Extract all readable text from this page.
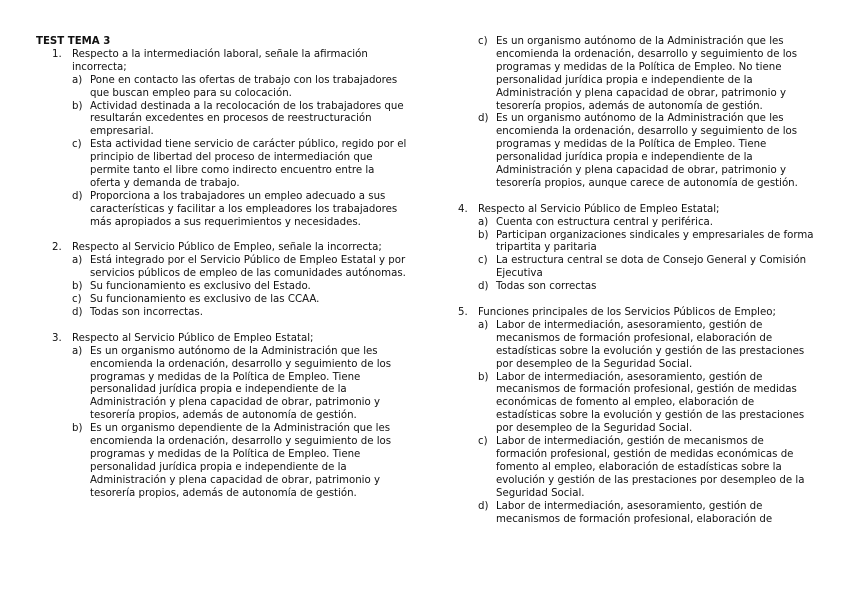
TEST TEMA 3
1. Respecto a la intermediación laboral, señale la afirmación incorrecta;
a) Pone en contacto las ofertas de trabajo con los trabajadores que buscan empleo para su colocación.
b) Actividad destinada a la recolocación de los trabajadores que resultarán excedentes en procesos de reestructuración empresarial.
c) Esta actividad tiene servicio de carácter público, regido por el principio de libertad del proceso de intermediación que permite tanto el libre como indirecto encuentro entre la oferta y demanda de trabajo.
d) Proporciona a los trabajadores un empleo adecuado a sus características y facilitar a los empleadores los trabajadores más apropiados a sus requerimientos y necesidades.
2. Respecto al Servicio Público de Empleo, señale la incorrecta;
a) Está integrado por el Servicio Público de Empleo Estatal y por servicios públicos de empleo de las comunidades autónomas.
b) Su funcionamiento es exclusivo del Estado.
c) Su funcionamiento es exclusivo de las CCAA.
d) Todas son incorrectas.
3. Respecto al Servicio Público de Empleo Estatal;
a) Es un organismo autónomo de la Administración que les encomienda la ordenación, desarrollo y seguimiento de los programas y medidas de la Política de Empleo. Tiene personalidad jurídica propia e independiente de la Administración y plena capacidad de obrar, patrimonio y tesorería propios, además de autonomía de gestión.
b) Es un organismo dependiente de la Administración que les encomienda la ordenación, desarrollo y seguimiento de los programas y medidas de la Política de Empleo. Tiene personalidad jurídica propia e independiente de la Administración y plena capacidad de obrar, patrimonio y tesorería propios, además de autonomía de gestión.
c) Es un organismo autónomo de la Administración que les encomienda la ordenación, desarrollo y seguimiento de los programas y medidas de la Política de Empleo. No tiene personalidad jurídica propia e independiente de la Administración y plena capacidad de obrar, patrimonio y tesorería propios, además de autonomía de gestión.
d) Es un organismo autónomo de la Administración que les encomienda la ordenación, desarrollo y seguimiento de los programas y medidas de la Política de Empleo. Tiene personalidad jurídica propia e independiente de la Administración y plena capacidad de obrar, patrimonio y tesorería propios, aunque carece de autonomía de gestión.
4. Respecto al Servicio Público de Empleo Estatal;
a) Cuenta con estructura central y periférica.
b) Participan organizaciones sindicales y empresariales de forma tripartita y paritaria
c) La estructura central se dota de Consejo General y Comisión Ejecutiva
d) Todas son correctas
5. Funciones principales de los Servicios Públicos de Empleo;
a) Labor de intermediación, asesoramiento, gestión de mecanismos de formación profesional, elaboración de estadísticas sobre la evolución y gestión de las prestaciones por desempleo de la Seguridad Social.
b) Labor de intermediación, asesoramiento, gestión de mecanismos de formación profesional, gestión de medidas económicas de fomento al empleo, elaboración de estadísticas sobre la evolución y gestión de las prestaciones por desempleo de la Seguridad Social.
c) Labor de intermediación, gestión de mecanismos de formación profesional, gestión de medidas económicas de fomento al empleo, elaboración de estadísticas sobre la evolución y gestión de las prestaciones por desempleo de la Seguridad Social.
d) Labor de intermediación, asesoramiento, gestión de mecanismos de formación profesional, elaboración de
